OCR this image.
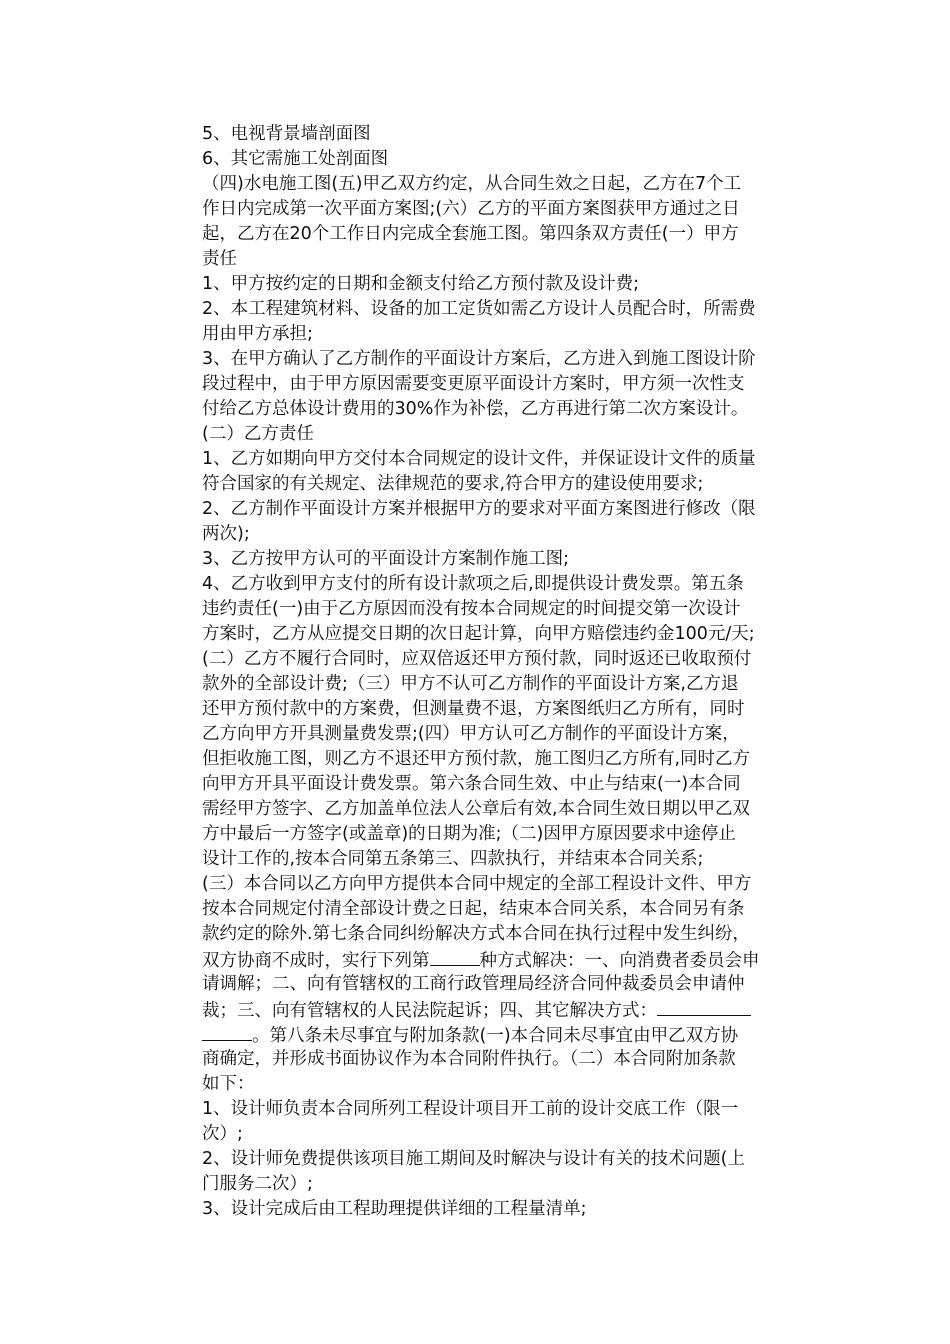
5、电视背景墙剖面图
6、其它需施工处剖面图
（四)水电施工图(五)甲乙双方约定，从合同生效之日起，乙方在7个工
作日内完成第一次平面方案图;(六）乙方的平面方案图获甲方通过之日
起，乙方在20个工作日内完成全套施工图。第四条双方责任(一）甲方
责任
1、甲方按约定的日期和金额支付给乙方预付款及设计费;
2、本工程建筑材料、设备的加工定货如需乙方设计人员配合时，所需费
用由甲方承担;
3、在甲方确认了乙方制作的平面设计方案后，乙方进入到施工图设计阶
段过程中，由于甲方原因需要变更原平面设计方案时，甲方须一次性支
付给乙方总体设计费用的30%作为补偿，乙方再进行第二次方案设计。
(二）乙方责任
1、乙方如期向甲方交付本合同规定的设计文件，并保证设计文件的质量
符合国家的有关规定、法律规范的要求,符合甲方的建设使用要求;
2、乙方制作平面设计方案并根据甲方的要求对平面方案图进行修改（限
两次);
3、乙方按甲方认可的平面设计方案制作施工图;
4、乙方收到甲方支付的所有设计款项之后,即提供设计费发票。第五条
违约责任(一)由于乙方原因而没有按本合同规定的时间提交第一次设计
方案时，乙方从应提交日期的次日起计算，向甲方赔偿违约金100元/天;
(二）乙方不履行合同时，应双倍返还甲方预付款，同时返还已收取预付
款外的全部设计费;（三）甲方不认可乙方制作的平面设计方案,乙方退
还甲方预付款中的方案费，但测量费不退，方案图纸归乙方所有，同时
乙方向甲方开具测量费发票;(四）甲方认可乙方制作的平面设计方案，
但拒收施工图，则乙方不退还甲方预付款，施工图归乙方所有,同时乙方
向甲方开具平面设计费发票。第六条合同生效、中止与结束(一)本合同
需经甲方签字、乙方加盖单位法人公章后有效,本合同生效日期以甲乙双
方中最后一方签字(或盖章)的日期为准;（二)因甲方原因要求中途停止
设计工作的,按本合同第五条第三、四款执行，并结束本合同关系;
(三）本合同以乙方向甲方提供本合同中规定的全部工程设计文件、甲方
按本合同规定付清全部设计费之日起，结束本合同关系，本合同另有条
款约定的除外.第七条合同纠纷解决方式本合同在执行过程中发生纠纷，
双方协商不成时，实行下列第	种方式解决：一、向消费者委员会申
请调解；二、向有管辖权的工商行政管理局经济合同仲裁委员会申请仲
裁；三、向有管辖权的人民法院起诉；四、其它解决方式：
。第八条未尽事宜与附加条款(一)本合同未尽事宜由甲乙双方协
商确定，并形成书面协议作为本合同附件执行。（二）本合同附加条款
如下：
1、设计师负责本合同所列工程设计项目开工前的设计交底工作（限一
次）;
2、设计师免费提供该项目施工期间及时解决与设计有关的技术问题(上
门服务二次）;
3、设计完成后由工程助理提供详细的工程量清单;
